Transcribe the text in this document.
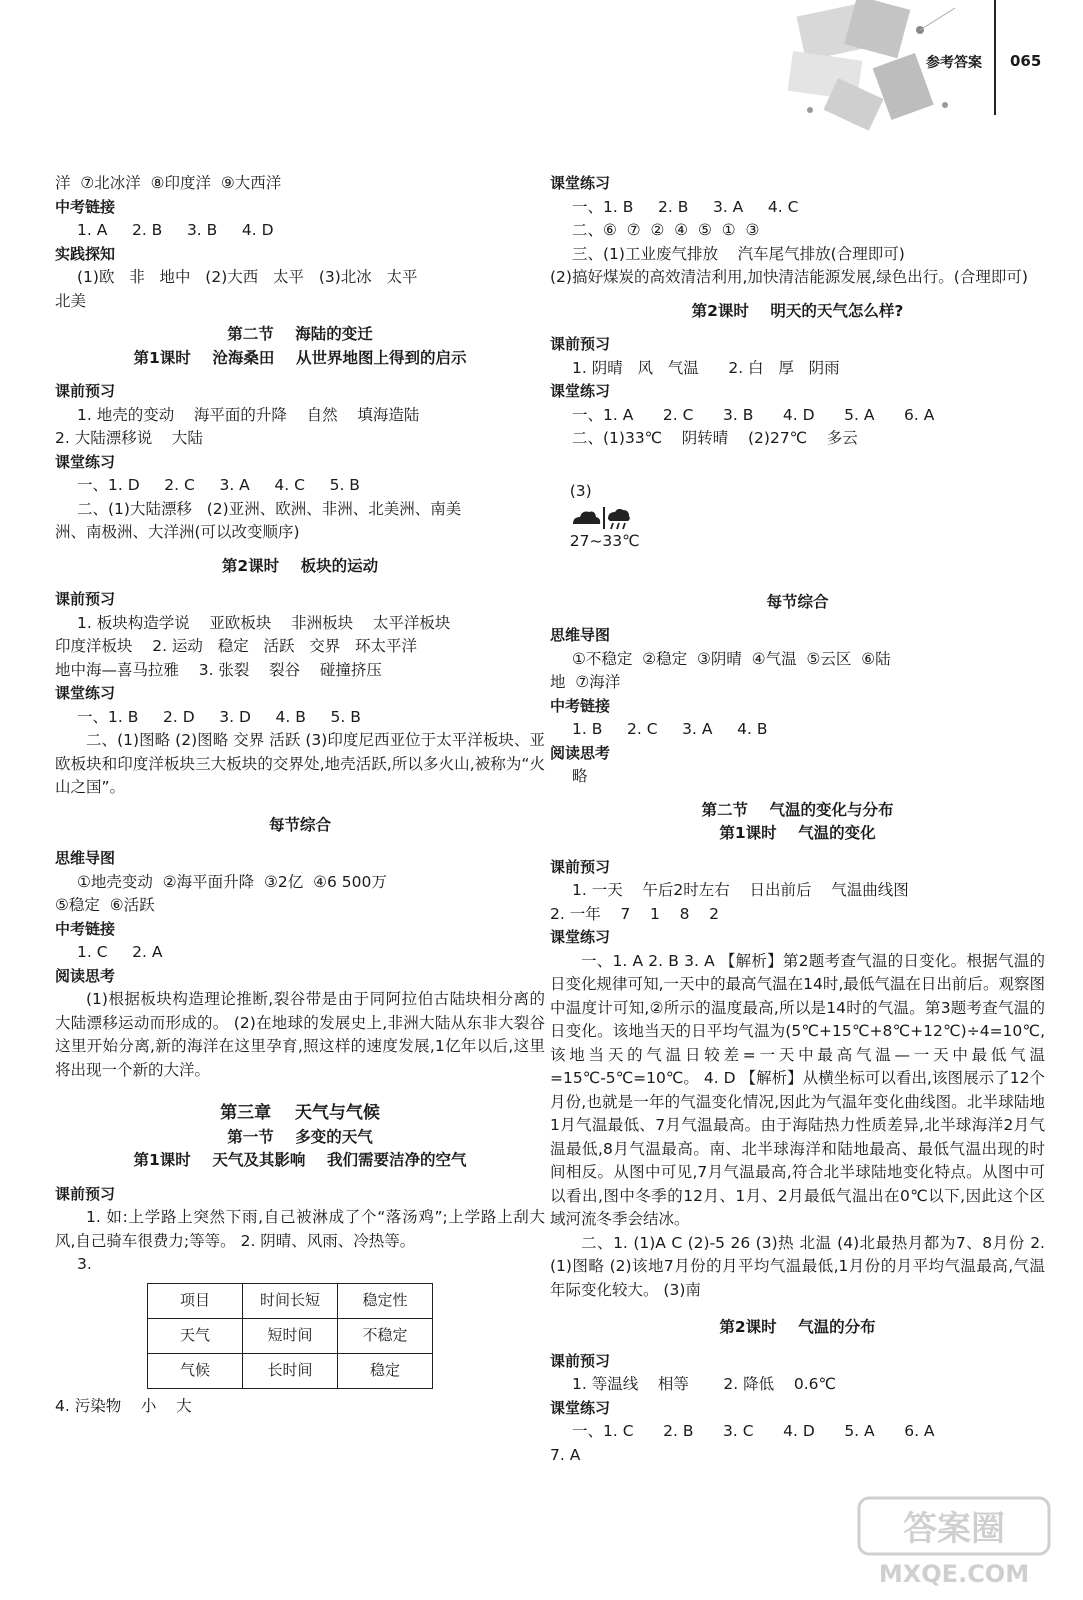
参考答案 065
洋  ⑦北冰洋  ⑧印度洋  ⑨大西洋
中考链接
1. A     2. B     3. B     4. D
实践探知
(1)欧   非   地中   (2)大西   太平   (3)北冰   太平
北美
第二节    海陆的变迁
第1课时    沧海桑田    从世界地图上得到的启示
课前预习
1. 地壳的变动    海平面的升降    自然    填海造陆
2. 大陆漂移说    大陆
课堂练习
一、1. D     2. C     3. A     4. C     5. B
二、(1)大陆漂移   (2)亚洲、欧洲、非洲、北美洲、南美
洲、南极洲、大洋洲(可以改变顺序)
第2课时    板块的运动
课前预习
1. 板块构造学说    亚欧板块    非洲板块    太平洋板块
印度洋板块    2. 运动   稳定   活跃   交界   环太平洋
地中海—喜马拉雅    3. 张裂    裂谷    碰撞挤压
课堂练习
一、1. B     2. D     3. D     4. B     5. B
二、(1)图略 (2)图略 交界 活跃 (3)印度尼西亚位于太平洋板块、亚欧板块和印度洋板块三大板块的交界处,地壳活跃,所以多火山,被称为“火山之国”。
每节综合
思维导图
①地壳变动  ②海平面升降  ③2亿  ④6 500万
⑤稳定  ⑥活跃
中考链接
1. C     2. A
阅读思考
(1)根据板块构造理论推断,裂谷带是由于同阿拉伯古陆块相分离的大陆漂移运动而形成的。 (2)在地球的发展史上,非洲大陆从东非大裂谷这里开始分离,新的海洋在这里孕育,照这样的速度发展,1亿年以后,这里将出现一个新的大洋。
第三章    天气与气候
第一节    多变的天气
第1课时    天气及其影响    我们需要洁净的空气
课前预习
1. 如:上学路上突然下雨,自己被淋成了个“落汤鸡”;上学路上刮大风,自己骑车很费力;等等。 2. 阴晴、风雨、冷热等。
3.
项目	时间长短	稳定性
天气	短时间	不稳定
气候	长时间	稳定
4. 污染物    小    大
课堂练习
一、1. B     2. B     3. A     4. C
二、⑥  ⑦  ②  ④  ⑤  ①  ③
三、(1)工业废气排放    汽车尾气排放(合理即可)
(2)搞好煤炭的高效清洁利用,加快清洁能源发展,绿色出行。(合理即可)
第2课时    明天的天气怎么样?
课前预习
1. 阴晴   风   气温      2. 白   厚   阴雨
课堂练习
一、1. A      2. C      3. B      4. D      5. A      6. A
二、(1)33℃    阴转晴    (2)27℃    多云

(3)

27~33℃

每节综合
思维导图
①不稳定  ②稳定  ③阴晴  ④气温  ⑤云区  ⑥陆
地  ⑦海洋
中考链接
1. B     2. C     3. A     4. B
阅读思考
略
第二节    气温的变化与分布
第1课时    气温的变化
课前预习
1. 一天    午后2时左右    日出前后    气温曲线图
2. 一年    7    1    8    2
课堂练习
一、1. A 2. B 3. A 【解析】第2题考查气温的日变化。根据气温的日变化规律可知,一天中的最高气温在14时,最低气温在日出前后。观察图中温度计可知,②所示的温度最高,所以是14时的气温。第3题考查气温的日变化。该地当天的日平均气温为(5℃+15℃+8℃+12℃)÷4=10℃,该地当天的气温日较差=一天中最高气温—一天中最低气温=15℃-5℃=10℃。 4. D 【解析】从横坐标可以看出,该图展示了12个月份,也就是一年的气温变化情况,因此为气温年变化曲线图。北半球陆地1月气温最低、7月气温最高。由于海陆热力性质差异,北半球海洋2月气温最低,8月气温最高。南、北半球海洋和陆地最高、最低气温出现的时间相反。从图中可见,7月气温最高,符合北半球陆地变化特点。从图中可以看出,图中冬季的12月、1月、2月最低气温出在0℃以下,因此这个区域河流冬季会结冰。
二、1. (1)A C (2)-5 26 (3)热 北温 (4)北最热月都为7、8月份 2. (1)图略 (2)该地7月份的月平均气温最低,1月份的月平均气温最高,气温年际变化较大。 (3)南
第2课时    气温的分布
课前预习
1. 等温线    相等       2. 降低    0.6℃
课堂练习
一、1. C      2. B      3. C      4. D      5. A      6. A
7. A
答案圈
MXQE.COM
